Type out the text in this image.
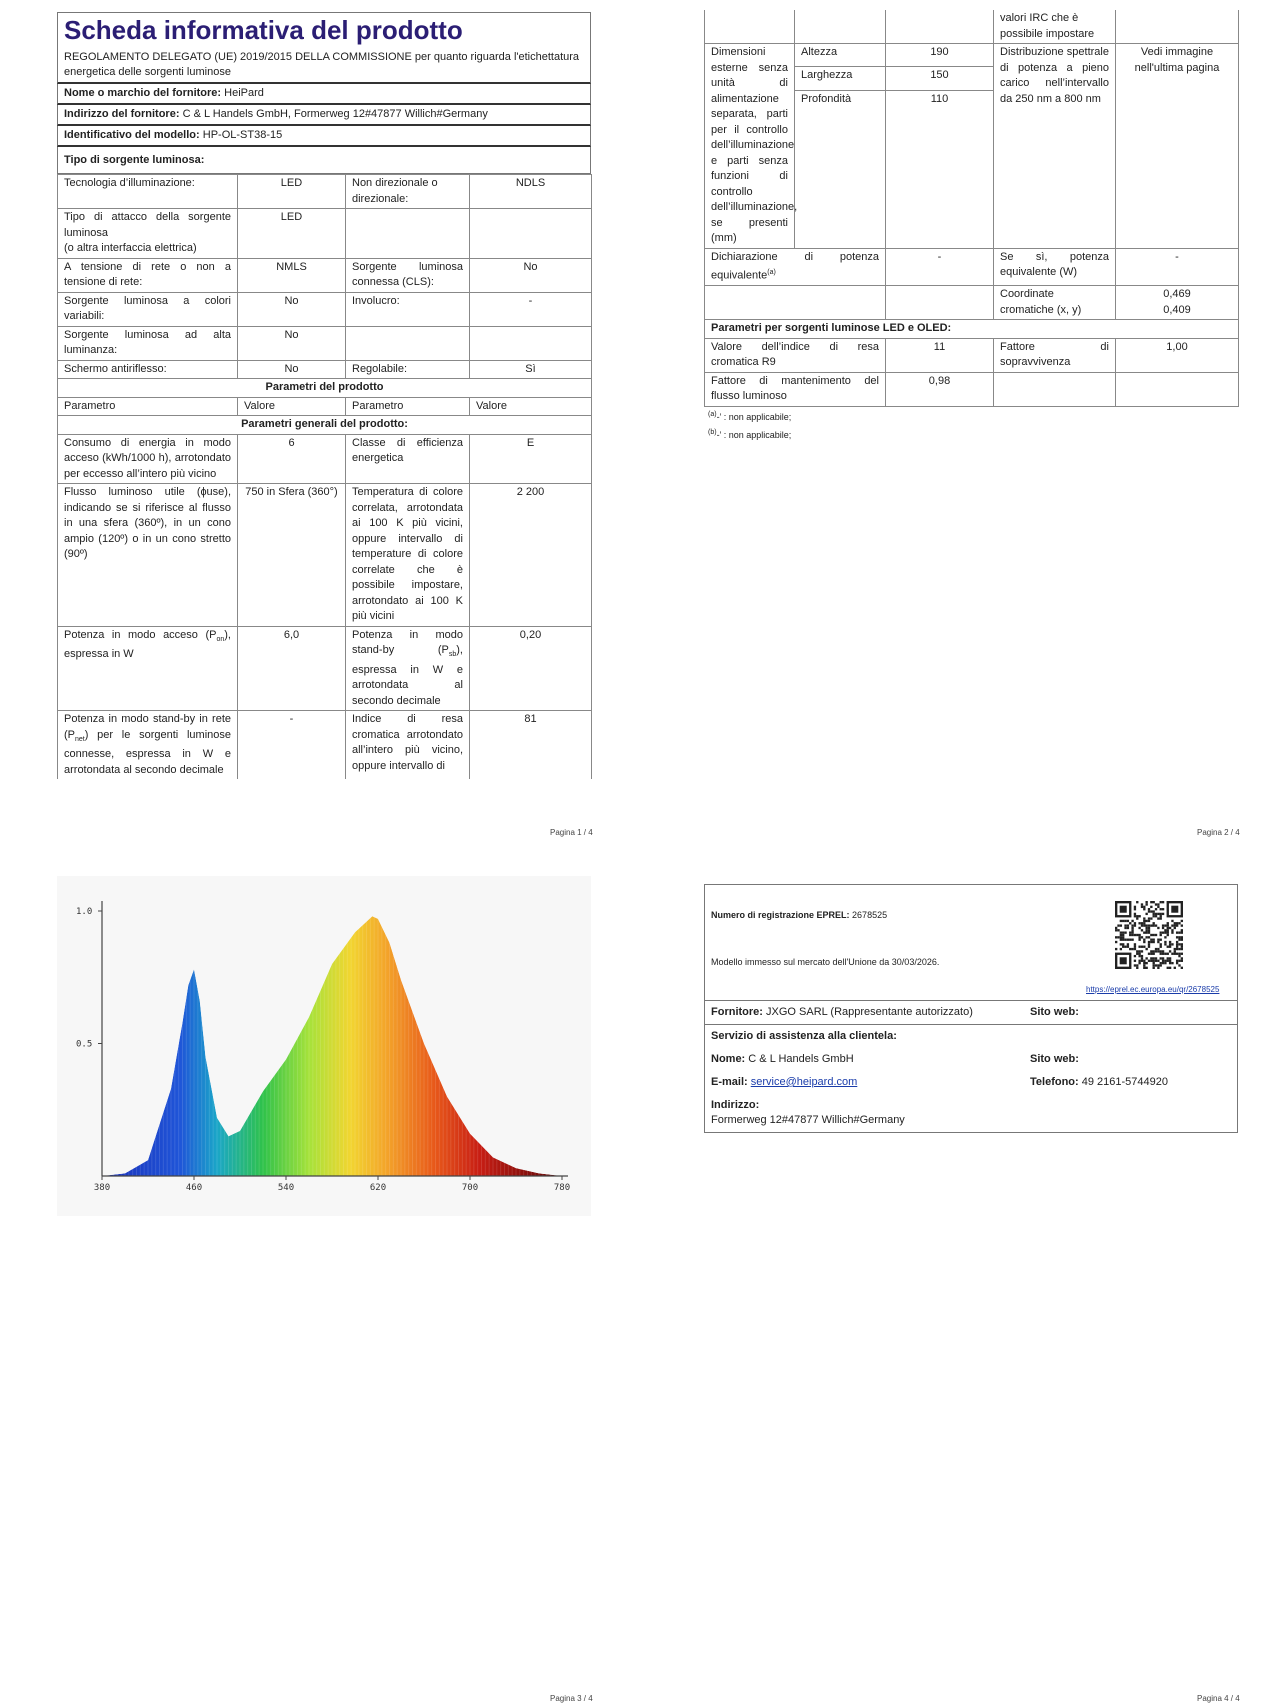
Scheda informativa del prodotto
REGOLAMENTO DELEGATO (UE) 2019/2015 DELLA COMMISSIONE per quanto riguarda l'etichettatura energetica delle sorgenti luminose
Nome o marchio del fornitore: HeiPard
Indirizzo del fornitore: C & L Handels GmbH, Formerweg 12#47877 Willich#Germany
Identificativo del modello: HP-OL-ST38-15
Tipo di sorgente luminosa:
Tecnologia d’illuminazione:	LED	Non direzionale o direzionale:	NDLS
Tipo di attacco della sorgente luminosa
(o altra interfaccia elettrica)	LED		
A tensione di rete o non a tensione di rete:	NMLS	Sorgente luminosa connessa (CLS):	No
Sorgente luminosa a colori variabili:	No	Involucro:	-
Sorgente luminosa ad alta luminanza:	No		
Schermo antiriflesso:	No	Regolabile:	Sì
Parametri del prodotto			
Parametro	Valore	Parametro	Valore
Parametri generali del prodotto:			
Consumo di energia in modo acceso (kWh/1000 h), arrotondato per eccesso all’intero più vicino	6	Classe di efficienza energetica	E
Flusso luminoso utile (ɸuse), indicando se si riferisce al flusso in una sfera (360º), in un cono ampio (120º) o in un cono stretto (90º)	750 in Sfera (360°)	Temperatura di colore correlata, arrotondata ai 100 K più vicini, oppure intervallo di temperature di colore correlate che è possibile impostare, arrotondato ai 100 K più vicini	2 200
Potenza in modo acceso $(P_{on})$, espressa in W	6,0	Potenza in modo stand-by $(P_{sb})$, espressa in W e arrotondata al secondo decimale	0,20
Potenza in modo stand-by in rete $(P_{net})$ per le sorgenti luminose connesse, espressa in W e arrotondata al secondo decimale	-	Indice di resa cromatica arrotondato all’intero più vicino, oppure intervallo di	81
Pagina 1 / 4
			valori IRC che è possibile impostare	
Dimensioni esterne senza unità di alimentazione separata, parti per il controllo dell’illuminazione e parti senza funzioni di controllo dell’illuminazione, se presenti (mm)	Altezza	190	Distribuzione spettrale di potenza a pieno carico nell’intervallo da 250 nm a 800 nm	Vedi immagine nell'ultima pagina
	Larghezza	150		
	Profondità	110		
Dichiarazione di potenza equivalente$^{(a)}$		-	Se sì, potenza equivalente (W)	-
			Coordinate cromatiche (x, y)	0,469
0,409
Parametri per sorgenti luminose LED e OLED:				
Valore dell’indice di resa cromatica R9		11	Fattore di sopravvivenza	1,00
Fattore di mantenimento del flusso luminoso		0,98		
$^{(a)}$-’ : non applicabile;
$^{(b)}$-’ : non applicabile;
Pagina 2 / 4
380	460	540	620	700	780
1.0
0.5
Pagina 3 / 4
Numero di registrazione EPREL: 2678525
Modello immesso sul mercato dell'Unione da 30/03/2026.
https://eprel.ec.europa.eu/qr/2678525
Fornitore: JXGO SARL (Rappresentante autorizzato)	Sito web:
Servizio di assistenza alla clientela:
Nome: C & L Handels GmbH	Sito web:
E-mail: service@heipard.com	Telefono: 49 2161-5744920
Indirizzo:
Formerweg 12#47877 Willich#Germany
Pagina 4 / 4
